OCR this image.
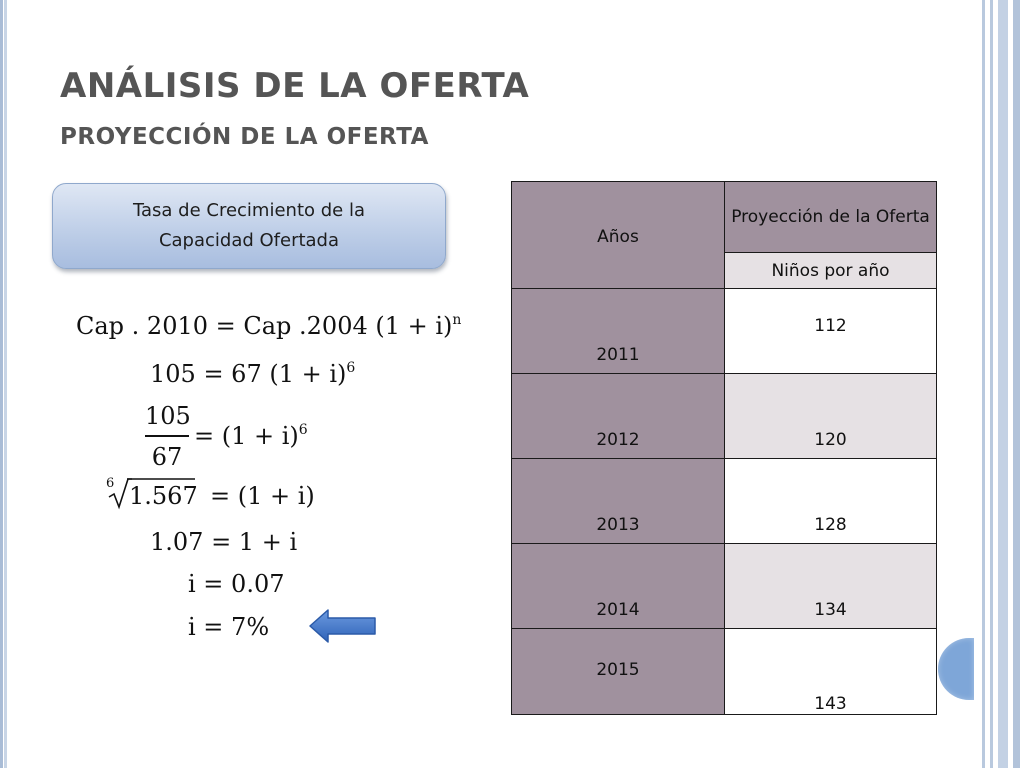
ANÁLISIS DE LA OFERTA
PROYECCIÓN DE LA OFERTA
Tasa de Crecimiento de la
Capacidad Ofertada
Cap . 2010 = Cap .2004 $(1 + i)^n$
105 = 67 $(1 + i)^6$
105
67
= $(1 + i)^6$
6 1.567 = (1 + i)
1.07 = 1 + i
i = 0.07
i = 7%
Años	Proyección de la Oferta
	Niños por año
2011	112
2012	120
2013	128
2014	134
2015	143
